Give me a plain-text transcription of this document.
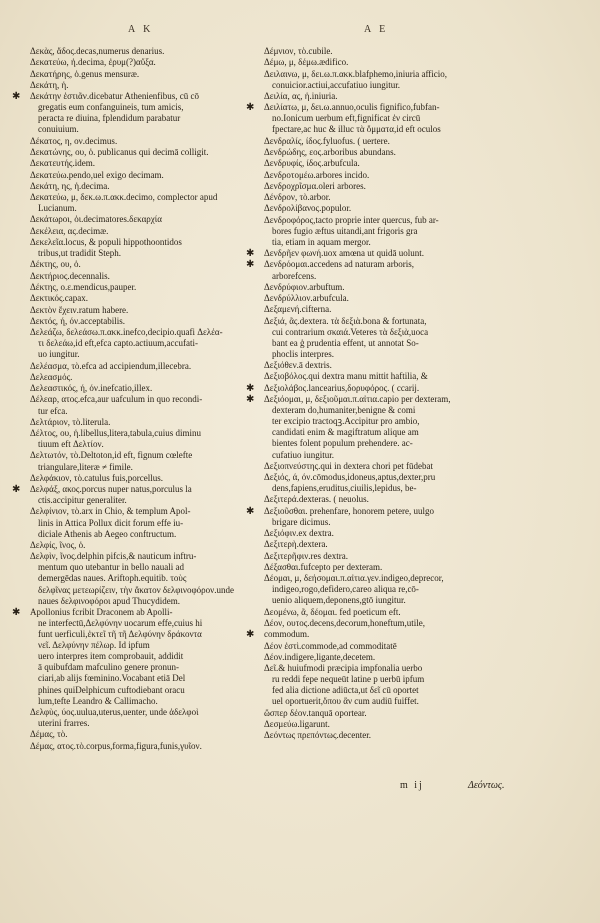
Α Κ	Α Ε
Δεκὰς, ἄδος.decas,numerus denarius.
Δεκατεύω, ἡ.decima, ἐρυμ(?)αὔξα.
Δεκατήρης, ὁ.genus mensuræ.
Δεκάτη, ἡ.
✱ Δεκάτην ἑστιᾶν.dicebatur Athenienfibus, cū cō
gregatis eum confanguineis, tum amicis,
peracta re diuina, fplendidum parabatur
conuiuium.
Δέκατος, η, ον.decimus.
Δεκατώνης, ου, ὁ. publicanus qui decimā colligit.
Δεκατευτής.idem.
Δεκατεύω.pendo,uel exigo decimam.
Δεκάτη, ης, ἡ.decima.
Δεκατεύω, μ, δεκ.ω.π.ακκ.decimo, complector apud
Lucianum.
Δεκάτωροι, ὁι.decimatores.δεκαρχία
Δεκέλεια, ας.decimæ.
Δεκελεῖα.locus, & populi hippothoontidos
tribus,ut tradidit Steph.
Δέκτης, ου, ὁ.
Δεκτήριος.decennalis.
Δέκτης, ο.ε.mendicus,pauper.
Δεκτικός.capax.
Δεκτὸν ἔχειν.ratum habere.
Δεκτός, ή, όν.acceptabilis.
Δελεάζω, δελεάσω.π.ακκ.inefco,decipio.quafi Δελέα-
τι δελεάω,id eft,efca capto.actiuum,accufati-
uo iungitur.
Δελέασμα, τὸ.efca ad accipiendum,illecebra.
Δελεασμός.
Δελεαστικός, ή, όν.inefcatio,illex.
Δέλεαρ, ατος.efca,aur uafculum in quo recondi-
tur efca.
Δελτάριον, τὸ.literula.
Δέλτος, ου, ἡ.libellus,litera,tabula,cuius diminu
tiuum eft Δελτίον.
Δελτωτόν, τὸ.Deltoton,id eft, fignum cœlefte
triangulare,literæ ≠ fimile.
Δελφάκιον, τὸ.catulus fuis,porcellus.
✱ Δελφάξ, ακος.porcus nuper natus,porculus la
ctis.accipitur generaliter.
Δελφίνιον, τὸ.arx in Chio, & templum Apol-
linis in Attica Pollux dicit forum effe iu-
diciale Athenis ab Aegeo conftructum.
Δελφίς, ῖνος, ὁ.
Δελφὶν, ῖνος.delphin pifcis,& nauticum inftru-
mentum quo utebantur in bello nauali ad
demergēdas naues. Ariftoph.equitib. τοὺς
δελφῖνας μετεωρίζειν, τὴν ἄκατον δελφινοφόρον.unde
naues δελφινοφόροι apud Thucydidem.
✱ Apollonius fcribit Draconem ab Apolli-
ne interfectū,Δελφύνην uocarum effe,cuius hi
funt uerficuli,ἐκτεῖ τῆ τῆ Δελφύνην δράκοντα
νεῖ. Δελφύνην πέλωρ. Id ipfum
uero interpres item comprobauit, addidit
ā quibufdam mafculino genere pronun-
ciari,ab alijs fœminino.Vocabant etiā Del
phines quiDelphicum cuftodiebant oracu
lum,tefte Leandro & Callimacho.
Δελφὺς, ύος.uulua,uterus,uenter, unde ἀδελφοὶ
uterini frarres.
Δέμας, τὸ.
Δέμας, ατος.τὸ.corpus,forma,figura,funis,γυῖον.
Δέμνιον, τὸ.cubile.
Δέμω, μ, δέμω.ædifico.
Δειλαινω, μ, δει.ω.π.ακκ.blafphemo,iniuria afficio,
conuicior.actiui,accufatiuo iungitur.
Δειλία, ας, ἡ.iniuria.
✱ Δειλίατω, μ, δει.ω.annuo,oculis fignifico,fubfan-
no.Ionicum uerbum eft,fignificat ἐν circū
fpectare,ac huc & illuc τὰ ὄμματα,id eft oculos
Δενδραλίς, ίδος.fyluofus. ( uertere.
Δενδρώδης, εος.arboribus abundans.
Δενδρυφίς, ίδος.arbufcula.
Δενδροτομέω.arbores incido.
Δενδροχρῖσμα.oleri arbores.
Δένδρον, τὸ.arbor.
Δενδρολίβανος.populor.
Δενδροφόρος,tacto proprie inter quercus, fub ar-
bores fugio æftus uitandi,ant frigoris gra
tia, etiam in aquam mergor.
✱ Δενδρῆεν φωνή.uox amœna ut quidā uolunt.
✱ Δενδρόομαι.accedens ad naturam arboris,
arborefcens.
Δενδρύφιον.arbuftum.
Δενδρύλλιον.arbufcula.
Δεξαμενή.cifterna.
Δεξιά, ᾶς.dextera. τὰ δεξιὰ.bona & fortunata,
cui contrarium σκαιά.Veteres τὰ δεξιὰ,uoca
bant ea ģ prudentia effent, ut annotat So-
phoclis interpres.
Δεξιόθεν.ā dextris.
Δεξιοβόλος.qui dextra manu mittit haftilia, &
✱ Δεξιολάβος.lancearius,δορυφόρος. ( ccarij.
✱ Δεξιόομαι, μ, δεξιοῦμαι.π.αἰτια.capio per dexteram,
dexteram do,humaniter,benigne & comi
ter excipio tractoqꝫ.Accipitur pro ambio,
candidati enim & magiftratum alique am
bientes folent populum prehendere. ac-
cufatiuo iungitur.
Δεξιοπνεύστης.qui in dextera chori pet fūdebat
Δεξιός, ά, όν.cōmodus,idoneus,aptus,dexter,pru
dens,fapiens,eruditus,ciuilis,lepidus, be-
Δεξιτερά.dexteras. ( neuolus.
✱ Δεξιοῦσθαι. prehenfare, honorem petere, uulgo
brigare dicimus.
Δεξιόφιν.ex dextra.
Δεξιτερὴ.dextera.
Δεξιτερῆφιν.res dextra.
Δέξασθαι.fufcepto per dexteram.
Δέομαι, μ, δεήσομαι.π.αἰτια.γεν.indigeo,deprecor,
indigeo,rogo,defidero,careo aliqua re,cō-
uenio aliquem,deponens,gtō iungitur.
Δεομένω, ᾶ, δέομαι. fed poeticum eft.
Δέον, ουτος.decens,decorum,honeftum,utile,
✱ commodum.
Δέον ἐστὶ.commode,ad commoditatē
Δέον.indigere,ligante,decetem.
Δεῖ.& huiufmodi præcipia impfonalia uerbo
ru reddi fepe nequeūt latine p uerbū ipfum
fed alia dictione adiūcta,ut δεῖ cū oportet
uel oportuerit,ὅπου ἂν cum audiū fuiffet.
ὥσπερ δέον.tanquā oportear.
Δεσμεύω.ligarunt.
Δεόντως πρεπόντως.decenter.
m ij	Δεόντως.
